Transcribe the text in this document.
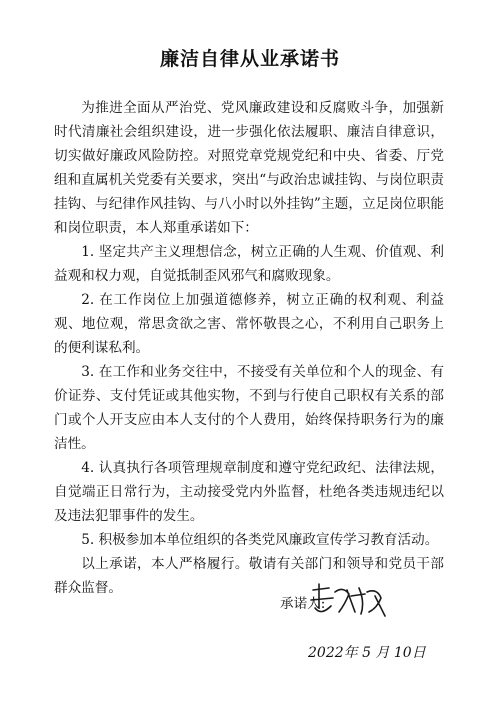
廉洁自律从业承诺书

为推进全面从严治党、党风廉政建设和反腐败斗争，加强新时代清廉社会组织建设，进一步强化依法履职、廉洁自律意识，切实做好廉政风险防控。对照党章党规党纪和中央、省委、厅党组和直属机关党委有关要求，突出“与政治忠诚挂钩、与岗位职责挂钩、与纪律作风挂钩、与八小时以外挂钩”主题，立足岗位职能和岗位职责，本人郑重承诺如下：

1. 坚定共产主义理想信念，树立正确的人生观、价值观、利益观和权力观，自觉抵制歪风邪气和腐败现象。

2. 在工作岗位上加强道德修养，树立正确的权利观、利益观、地位观，常思贪欲之害、常怀敬畏之心，不利用自己职务上的便利谋私利。

3. 在工作和业务交往中，不接受有关单位和个人的现金、有价证券、支付凭证或其他实物，不到与行使自己职权有关系的部门或个人开支应由本人支付的个人费用，始终保持职务行为的廉洁性。

4. 认真执行各项管理规章制度和遵守党纪政纪、法律法规，自觉端正日常行为，主动接受党内外监督，杜绝各类违规违纪以及违法犯罪事件的发生。

5. 积极参加本单位组织的各类党风廉政宣传学习教育活动。

以上承诺，本人严格履行。敬请有关部门和领导和党员干部群众监督。

承诺人:
2022年 5 月 10日
